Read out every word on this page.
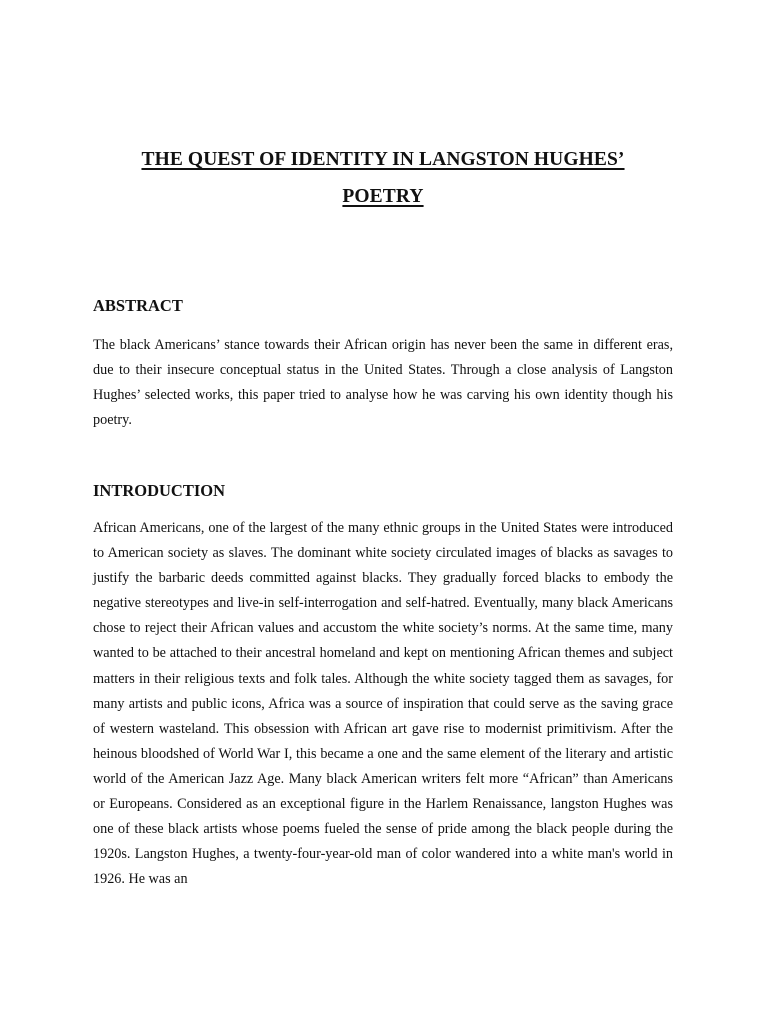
THE QUEST OF IDENTITY IN LANGSTON HUGHES’
POETRY
ABSTRACT

The black Americans’ stance towards their African origin has never been the same in different eras, due to their insecure conceptual status in the United States. Through a close analysis of Langston Hughes’ selected works, this paper tried to analyse how he was carving his own identity though his poetry.

INTRODUCTION

African Americans, one of the largest of the many ethnic groups in the United States were introduced to American society as slaves. The dominant white society circulated images of blacks as savages to justify the barbaric deeds committed against blacks. They gradually forced blacks to embody the negative stereotypes and live-in self-interrogation and self-hatred. Eventually, many black Americans chose to reject their African values and accustom the white society’s norms. At the same time, many wanted to be attached to their ancestral homeland and kept on mentioning African themes and subject matters in their religious texts and folk tales. Although the white society tagged them as savages, for many artists and public icons, Africa was a source of inspiration that could serve as the saving grace of western wasteland. This obsession with African art gave rise to modernist primitivism. After the heinous bloodshed of World War I, this became a one and the same element of the literary and artistic world of the American Jazz Age. Many black American writers felt more “African” than Americans or Europeans. Considered as an exceptional figure in the Harlem Renaissance, langston Hughes was one of these black artists whose poems fueled the sense of pride among the black people during the 1920s. Langston Hughes, a twenty-four-year-old man of color wandered into a white man's world in 1926. He was an
